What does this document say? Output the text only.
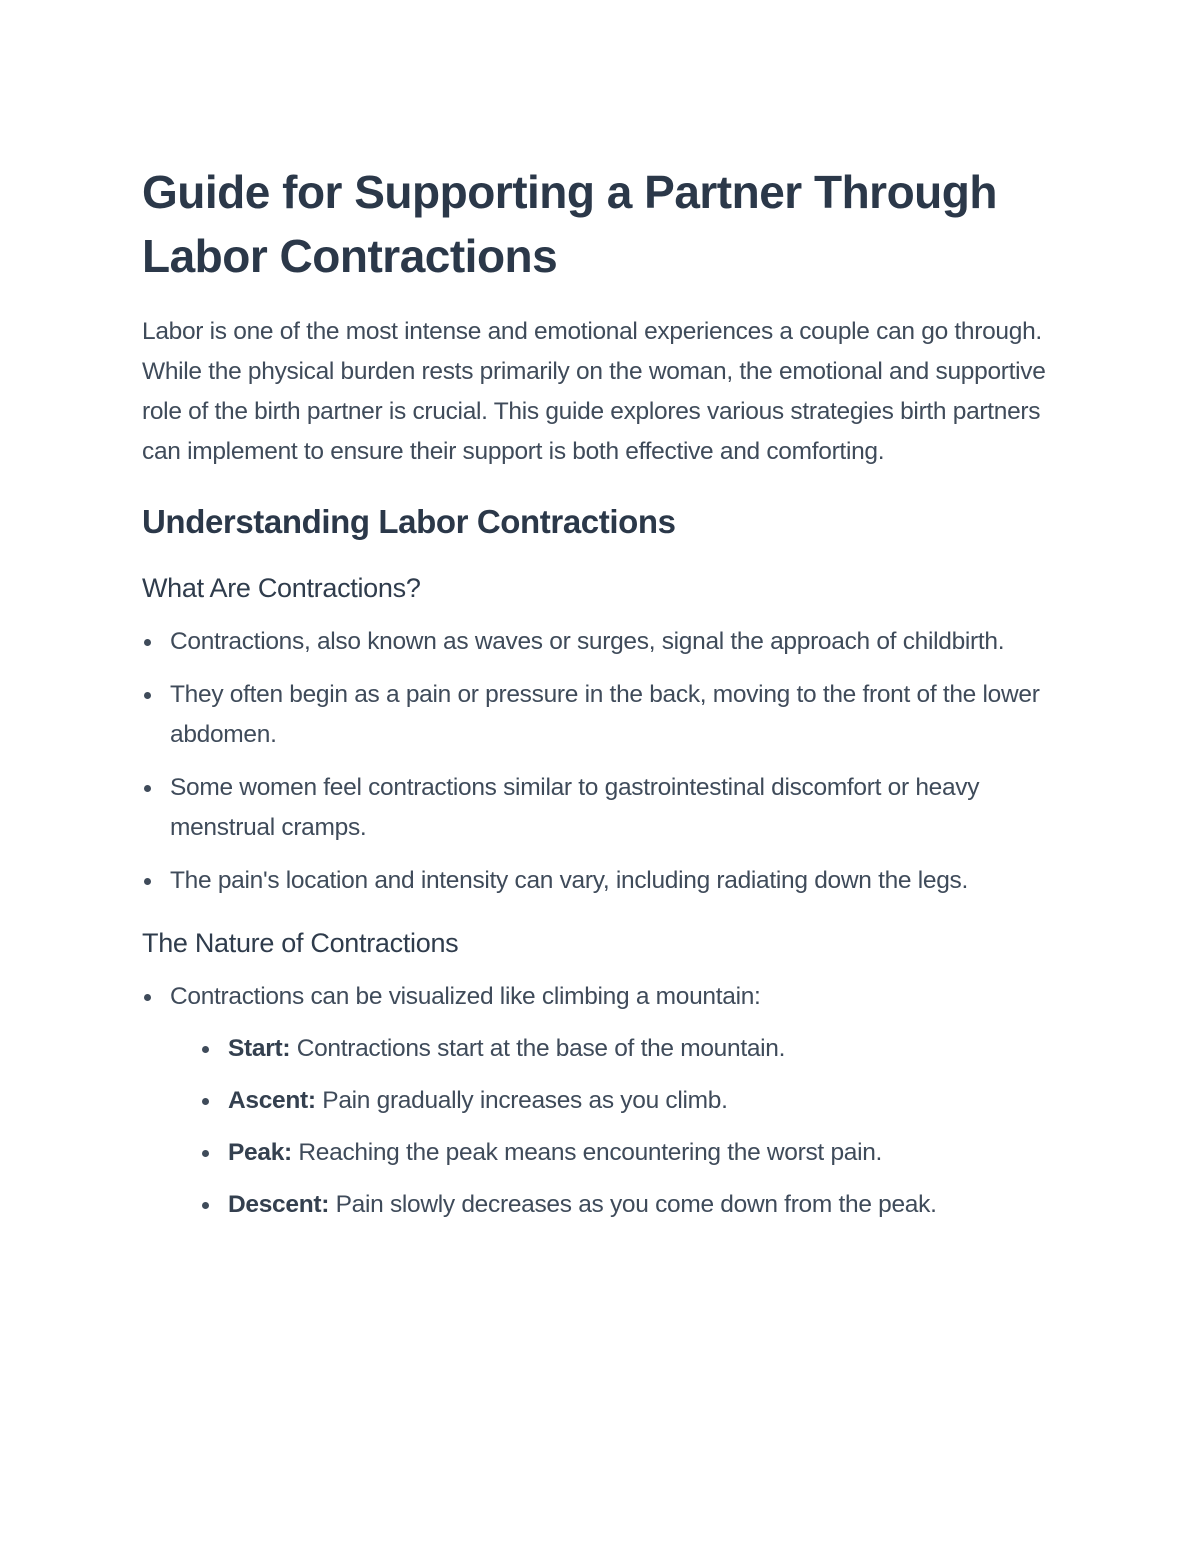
Guide for Supporting a Partner Through Labor Contractions

Labor is one of the most intense and emotional experiences a couple can go through. While the physical burden rests primarily on the woman, the emotional and supportive role of the birth partner is crucial. This guide explores various strategies birth partners can implement to ensure their support is both effective and comforting.

Understanding Labor Contractions
What Are Contractions?
Contractions, also known as waves or surges, signal the approach of childbirth.
They often begin as a pain or pressure in the back, moving to the front of the lower abdomen.
Some women feel contractions similar to gastrointestinal discomfort or heavy menstrual cramps.
The pain's location and intensity can vary, including radiating down the legs.
The Nature of Contractions
Contractions can be visualized like climbing a mountain:
Start: Contractions start at the base of the mountain.
Ascent: Pain gradually increases as you climb.
Peak: Reaching the peak means encountering the worst pain.
Descent: Pain slowly decreases as you come down from the peak.
